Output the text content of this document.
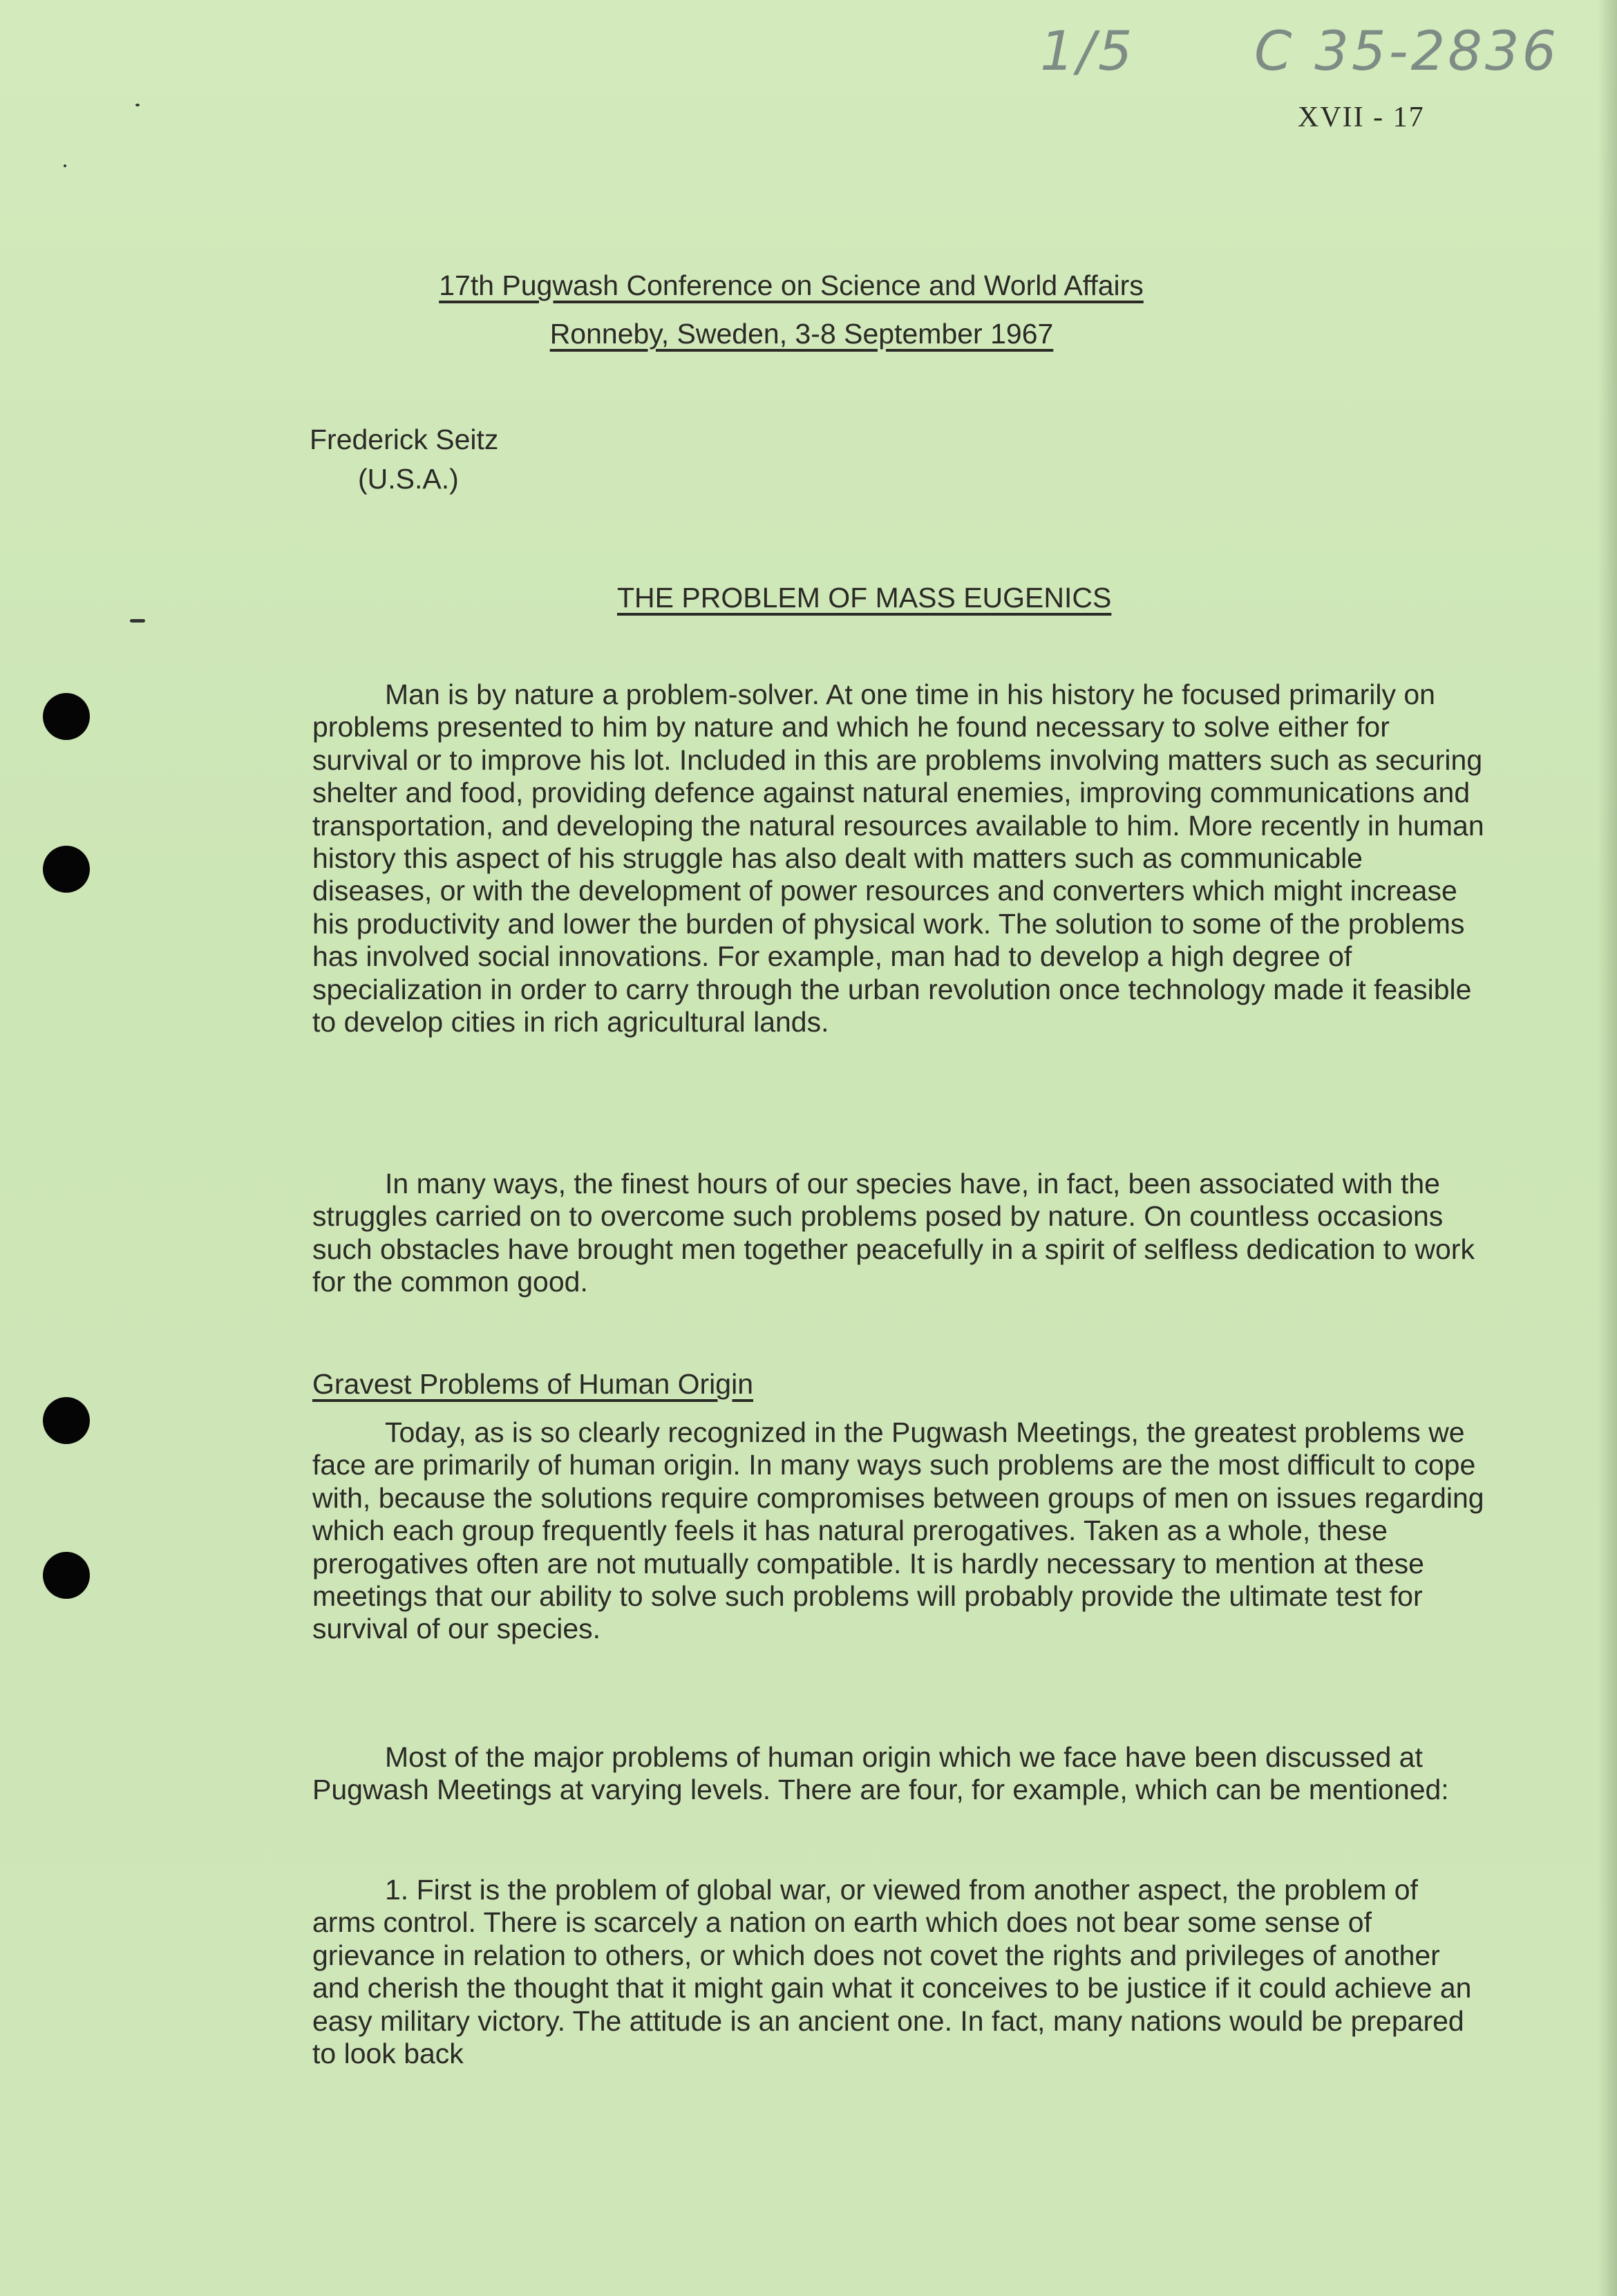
1/5 C 35-2836
XVII - 17
17th Pugwash Conference on Science and World Affairs
Ronneby, Sweden, 3-8 September 1967
Frederick Seitz
(U.S.A.)
THE PROBLEM OF MASS EUGENICS

Man is by nature a problem-solver. At one time in his history he focused primarily on problems presented to him by nature and which he found necessary to solve either for survival or to improve his lot. Included in this are problems involving matters such as securing shelter and food, providing defence against natural enemies, improving communications and transportation, and developing the natural resources available to him. More recently in human history this aspect of his struggle has also dealt with matters such as communicable diseases, or with the development of power resources and converters which might increase his productivity and lower the burden of physical work. The solution to some of the problems has involved social innovations. For example, man had to develop a high degree of specialization in order to carry through the urban revolution once technology made it feasible to develop cities in rich agricultural lands.

In many ways, the finest hours of our species have, in fact, been associated with the struggles carried on to overcome such problems posed by nature. On countless occasions such obstacles have brought men together peacefully in a spirit of selfless dedication to work for the common good.

Gravest Problems of Human Origin

Today, as is so clearly recognized in the Pugwash Meetings, the greatest problems we face are primarily of human origin. In many ways such problems are the most difficult to cope with, because the solutions require compromises between groups of men on issues regarding which each group frequently feels it has natural prerogatives. Taken as a whole, these prerogatives often are not mutually compatible. It is hardly necessary to mention at these meetings that our ability to solve such problems will probably provide the ultimate test for survival of our species.

Most of the major problems of human origin which we face have been discussed at Pugwash Meetings at varying levels. There are four, for example, which can be mentioned:

1. First is the problem of global war, or viewed from another aspect, the problem of arms control. There is scarcely a nation on earth which does not bear some sense of grievance in relation to others, or which does not covet the rights and privileges of another and cherish the thought that it might gain what it conceives to be justice if it could achieve an easy military victory. The attitude is an ancient one. In fact, many nations would be prepared to look back
